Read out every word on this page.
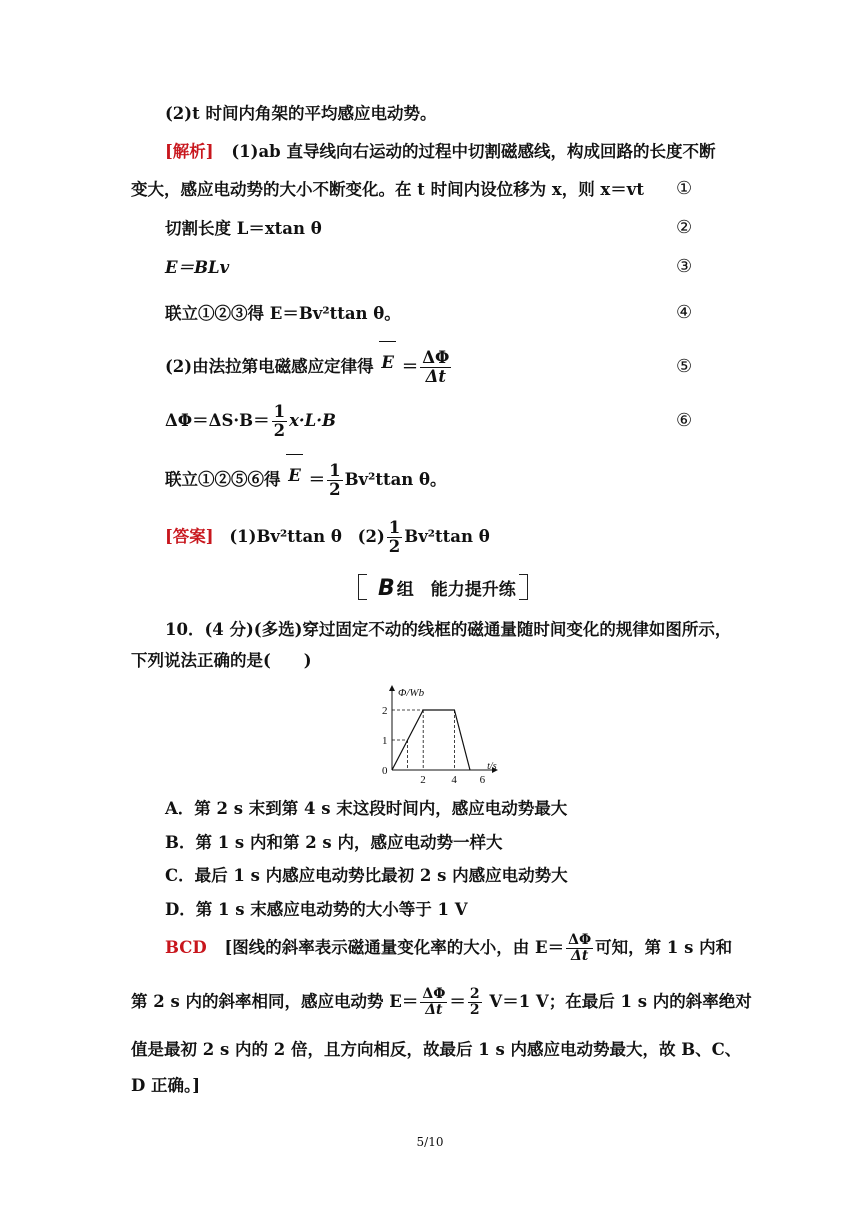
(2)t 时间内角架的平均感应电动势。
[解析] (1)ab 直导线向右运动的过程中切割磁感线，构成回路的长度不断
变大，感应电动势的大小不断变化。在 t 时间内设位移为 x，则 x＝vt ①
切割长度 L＝xtan θ	②
E＝BLv	③
联立①②③得 E＝Bv²ttan θ。	④
(2)由法拉第电磁感应定律得 $E = \frac{\Delta\Phi}{\Delta t}$	⑤
$\Delta\Phi=\Delta S\cdot B= \frac{1}{2} x\cdot L\cdot B$	⑥
联立①②⑤⑥得 $E = \frac{1}{2} Bv^2ttan$ θ。
[答案] (1)Bv²ttan θ $(2) \frac{1}{2} Bv^2ttan$ θ
B 组　能力提升练
10．(4 分)(多选)穿过固定不动的线框的磁通量随时间变化的规律如图所示，
下列说法正确的是(　　)
Φ/Wb
t/s
1
2
0
2 4 6
A．第 2 s 末到第 4 s 末这段时间内，感应电动势最大
B．第 1 s 内和第 2 s 内，感应电动势一样大
C．最后 1 s 内感应电动势比最初 2 s 内感应电动势大
D．第 1 s 末感应电动势的大小等于 1 V
BCD [图线的斜率表示磁通量变化率的大小，由 $E= \frac{\Delta\Phi}{\Delta t}$ 可知，第 1 s 内和
第 2 s 内的斜率相同，感应电动势 $E= \frac{\Delta\Phi}{\Delta t} = \frac{2}{2} V=1$ V；在最后 1 s 内的斜率绝对
值是最初 2 s 内的 2 倍，且方向相反，故最后 1 s 内感应电动势最大，故 B、C、
D 正确。]
5/10
